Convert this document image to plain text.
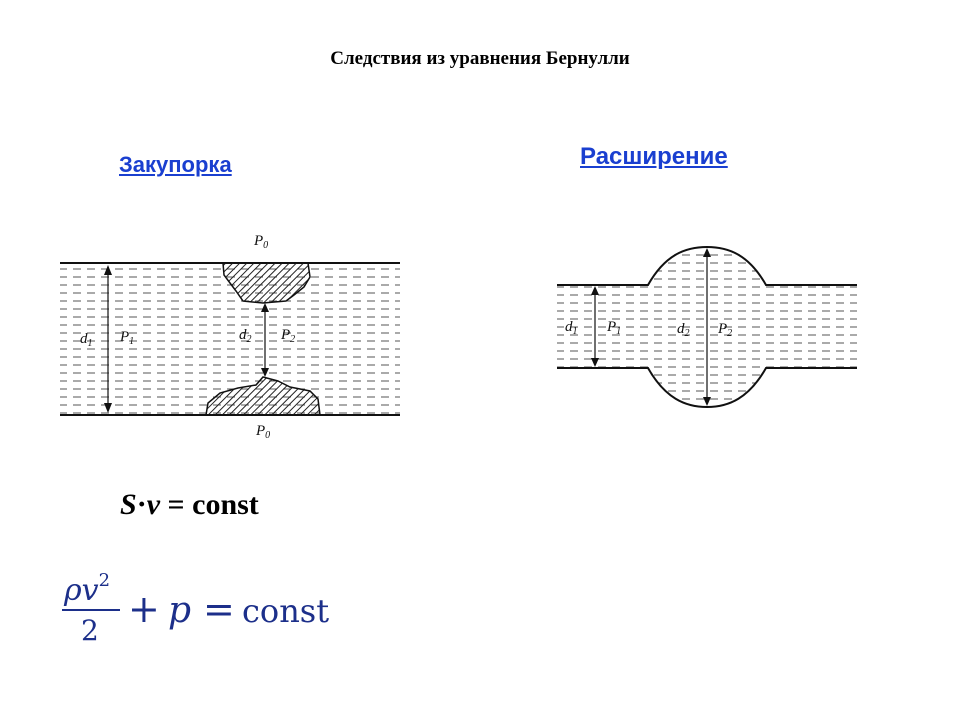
Следствия из уравнения Бернулли
Закупорка	Расширение
$P_0$
$P_0$
$d_1$ $P_1$	$d_2$ $P_2$
$d_1$ $P_1$	$d_2$ $P_2$
S·v = const
$\rho v^2$
2 + p = const
